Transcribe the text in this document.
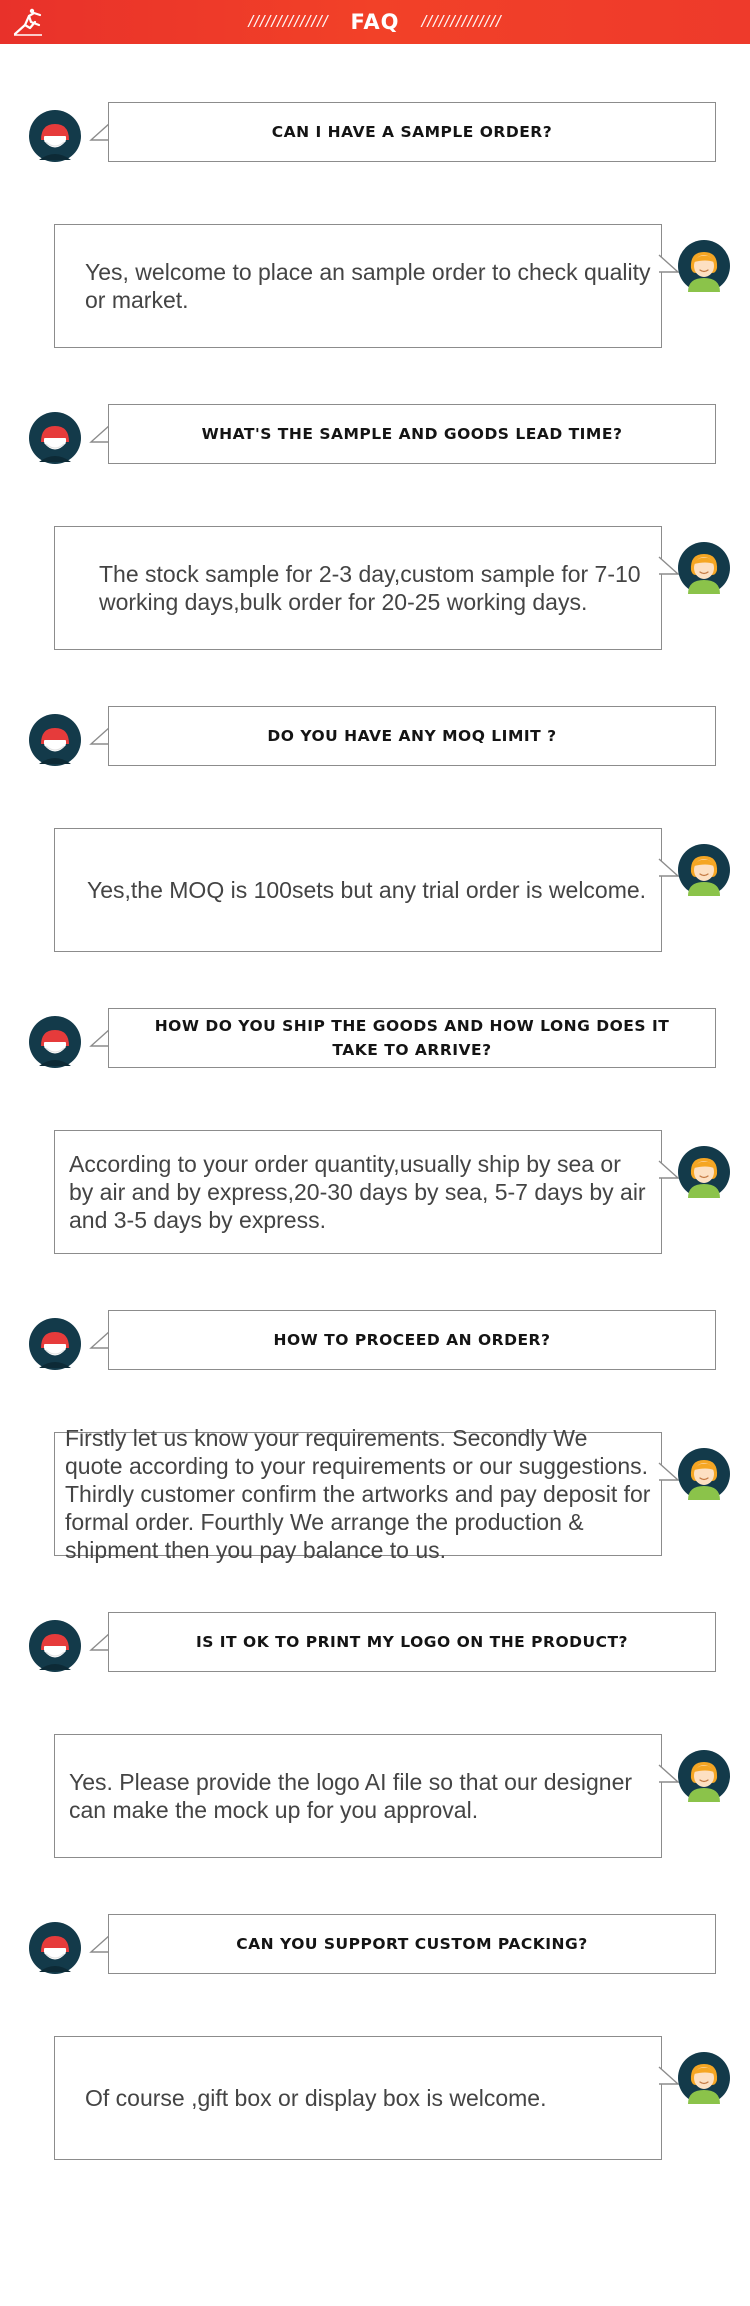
////////////// FAQ //////////////
CAN I HAVE A SAMPLE ORDER?
Yes, welcome to place an sample order to check quality or market.
WHAT'S THE SAMPLE AND GOODS LEAD TIME?
The stock sample for 2-3 day,custom sample for 7-10 working days,bulk order for 20-25 working days.
DO YOU HAVE ANY MOQ LIMIT ?
Yes,the MOQ is 100sets but any trial order is welcome.
HOW DO YOU SHIP THE GOODS AND HOW LONG DOES IT TAKE TO ARRIVE?
According to your order quantity,usually ship by sea or by air and by express,20-30 days by sea, 5-7 days by air and 3-5 days by express.
HOW TO PROCEED AN ORDER?
Firstly let us know your requirements. Secondly We quote according to your requirements or our suggestions. Thirdly customer confirm the artworks and pay deposit for formal order. Fourthly We arrange the production & shipment then you pay balance to us.
IS IT OK TO PRINT MY LOGO ON THE PRODUCT?
Yes. Please provide the logo AI file so that our designer can make the mock up for you approval.
CAN YOU SUPPORT CUSTOM PACKING?
Of course ,gift box or display box is welcome.
